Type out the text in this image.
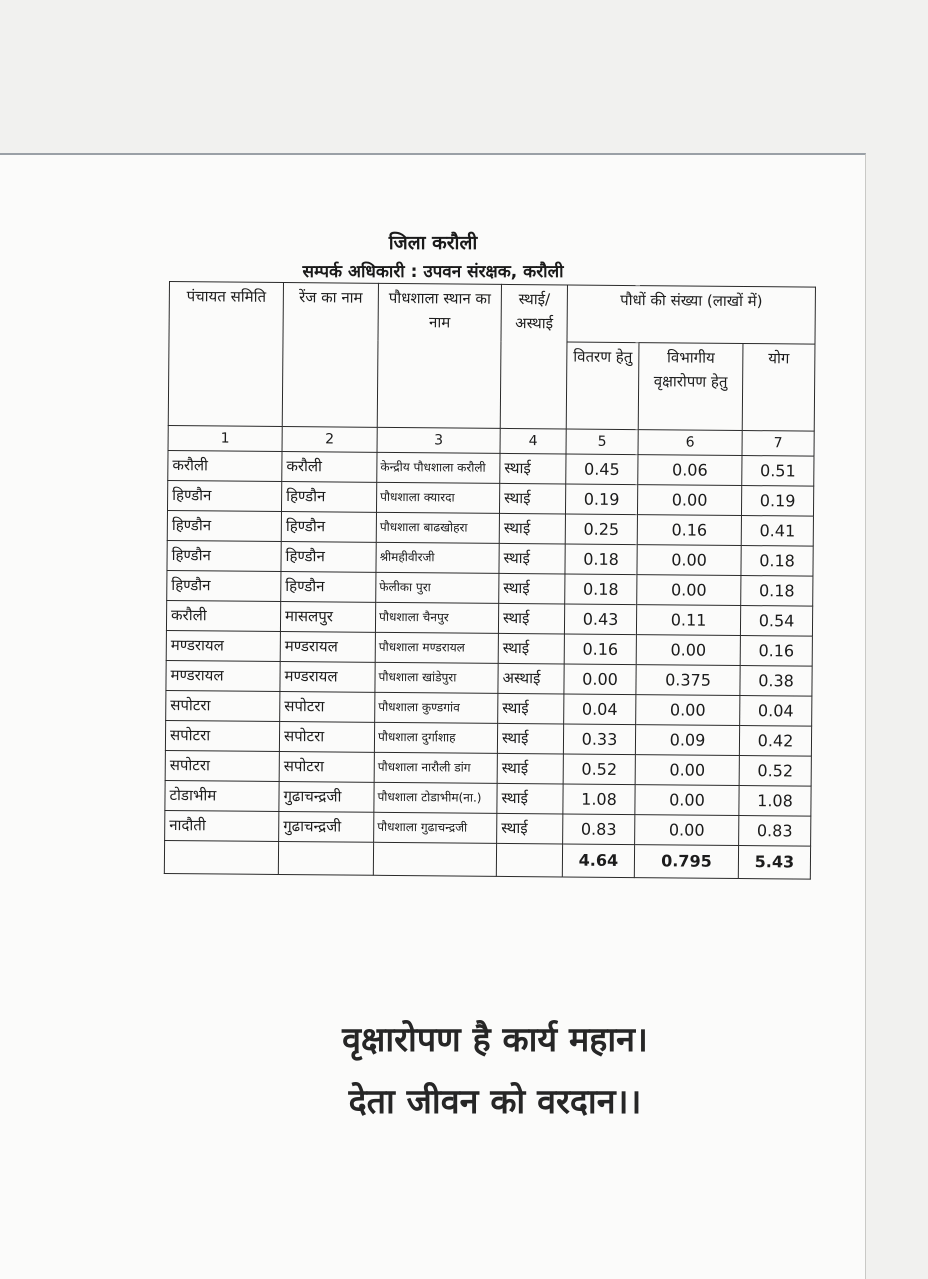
जिला करौली
सम्पर्क अधिकारी : उपवन संरक्षक, करौली
पंचायत समिति	रेंज का नाम	पौधशाला स्थान का नाम	स्थाई/ अस्थाई	पौधों की संख्या (लाखों में)		
				वितरण हेतु	विभागीय वृक्षारोपण हेतु	योग
1	2	3	4	5	6	7
करौली	करौली	केन्द्रीय पौधशाला करौली	स्थाई	0.45	0.06	0.51
हिण्डौन	हिण्डौन	पौधशाला क्यारदा	स्थाई	0.19	0.00	0.19
हिण्डौन	हिण्डौन	पौधशाला बाढखोहरा	स्थाई	0.25	0.16	0.41
हिण्डौन	हिण्डौन	श्रीमहीवीरजी	स्थाई	0.18	0.00	0.18
हिण्डौन	हिण्डौन	फेलीका पुरा	स्थाई	0.18	0.00	0.18
करौली	मासलपुर	पौधशाला चैनपुर	स्थाई	0.43	0.11	0.54
मण्डरायल	मण्डरायल	पौधशाला मण्डरायल	स्थाई	0.16	0.00	0.16
मण्डरायल	मण्डरायल	पौधशाला खांडेपुरा	अस्थाई	0.00	0.375	0.38
सपोटरा	सपोटरा	पौधशाला कुण्डगांव	स्थाई	0.04	0.00	0.04
सपोटरा	सपोटरा	पौधशाला दुर्गाशाह	स्थाई	0.33	0.09	0.42
सपोटरा	सपोटरा	पौधशाला नारौली डांग	स्थाई	0.52	0.00	0.52
टोडाभीम	गुढाचन्द्रजी	पौधशाला टोडाभीम(ना.)	स्थाई	1.08	0.00	1.08
नादौती	गुढाचन्द्रजी	पौधशाला गुढाचन्द्रजी	स्थाई	0.83	0.00	0.83
				4.64	0.795	5.43

वृक्षारोपण है कार्य महान।

देता जीवन को वरदान।।
